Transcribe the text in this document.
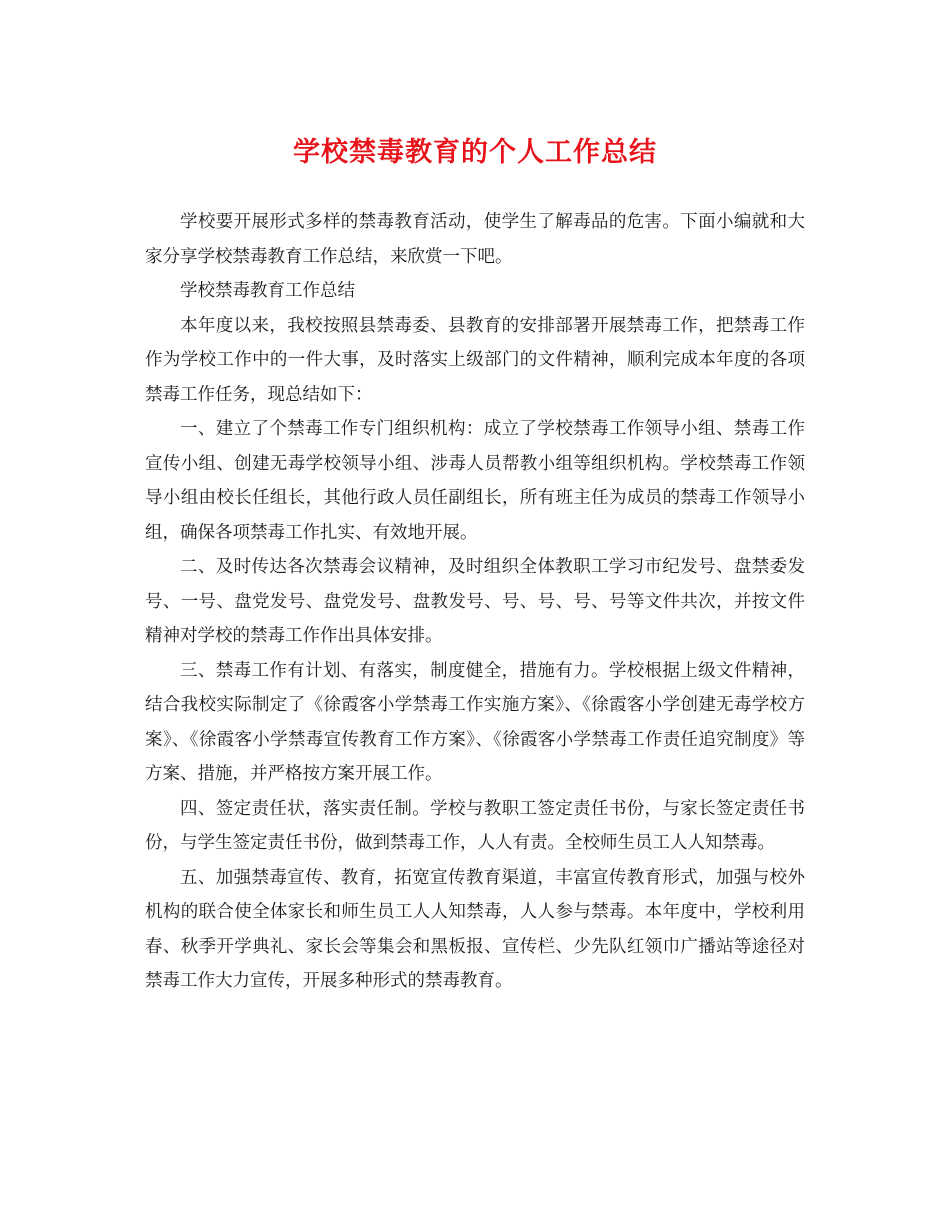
学校禁毒教育的个人工作总结

学校要开展形式多样的禁毒教育活动，使学生了解毒品的危害。下面小编就和大家分享学校禁毒教育工作总结，来欣赏一下吧。

学校禁毒教育工作总结

本年度以来，我校按照县禁毒委、县教育的安排部署开展禁毒工作，把禁毒工作作为学校工作中的一件大事，及时落实上级部门的文件精神，顺利完成本年度的各项禁毒工作任务，现总结如下：

一、建立了个禁毒工作专门组织机构：成立了学校禁毒工作领导小组、禁毒工作宣传小组、创建无毒学校领导小组、涉毒人员帮教小组等组织机构。学校禁毒工作领导小组由校长任组长，其他行政人员任副组长，所有班主任为成员的禁毒工作领导小组，确保各项禁毒工作扎实、有效地开展。

二、及时传达各次禁毒会议精神，及时组织全体教职工学习市纪发号、盘禁委发号、一号、盘党发号、盘党发号、盘教发号、号、号、号、号等文件共次，并按文件精神对学校的禁毒工作作出具体安排。

三、禁毒工作有计划、有落实，制度健全，措施有力。学校根据上级文件精神，结合我校实际制定了《徐霞客小学禁毒工作实施方案》、《徐霞客小学创建无毒学校方案》、《徐霞客小学禁毒宣传教育工作方案》、《徐霞客小学禁毒工作责任追究制度》等方案、措施，并严格按方案开展工作。

四、签定责任状，落实责任制。学校与教职工签定责任书份，与家长签定责任书份，与学生签定责任书份，做到禁毒工作，人人有责。全校师生员工人人知禁毒。

五、加强禁毒宣传、教育，拓宽宣传教育渠道，丰富宣传教育形式，加强与校外机构的联合使全体家长和师生员工人人知禁毒，人人参与禁毒。本年度中，学校利用春、秋季开学典礼、家长会等集会和黑板报、宣传栏、少先队红领巾广播站等途径对禁毒工作大力宣传，开展多种形式的禁毒教育。
